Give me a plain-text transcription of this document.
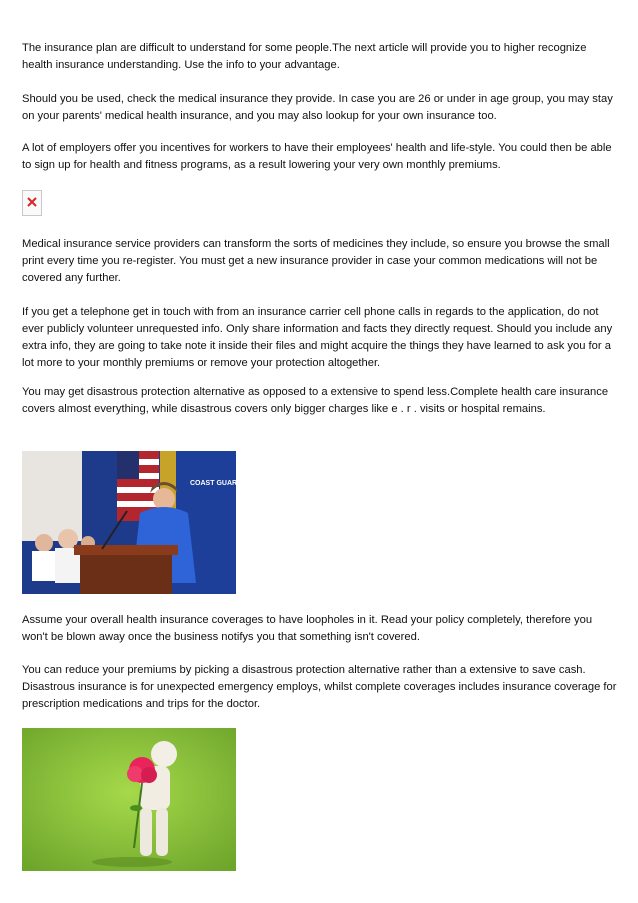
The insurance plan are difficult to understand for some people.The next article will provide you to higher recognize health insurance understanding. Use the info to your advantage.

Should you be used, check the medical insurance they provide. In case you are 26 or under in age group, you may stay on your parents' medical health insurance, and you may also lookup for your own insurance too.

A lot of employers offer you incentives for workers to have their employees' health and life-style. You could then be able to sign up for health and fitness programs, as a result lowering your very own monthly premiums.

Medical insurance service providers can transform the sorts of medicines they include, so ensure you browse the small print every time you re-register. You must get a new insurance provider in case your common medications will not be covered any further.

If you get a telephone get in touch with from an insurance carrier cell phone calls in regards to the application, do not ever publicly volunteer unrequested info. Only share information and facts they directly request. Should you include any extra info, they are going to take note it inside their files and might acquire the things they have learned to ask you for a lot more to your monthly premiums or remove your protection altogether.

You may get disastrous protection alternative as opposed to a extensive to spend less.Complete health care insurance covers almost everything, while disastrous covers only bigger charges like e . r . visits or hospital remains.

COAST GUARD ACADEMY

Assume your overall health insurance coverages to have loopholes in it. Read your policy completely, therefore you won't be blown away once the business notifys you that something isn't covered.

You can reduce your premiums by picking a disastrous protection alternative rather than a extensive to save cash. Disastrous insurance is for unexpected emergency employs, whilst complete coverages includes insurance coverage for prescription medications and trips for the doctor.
